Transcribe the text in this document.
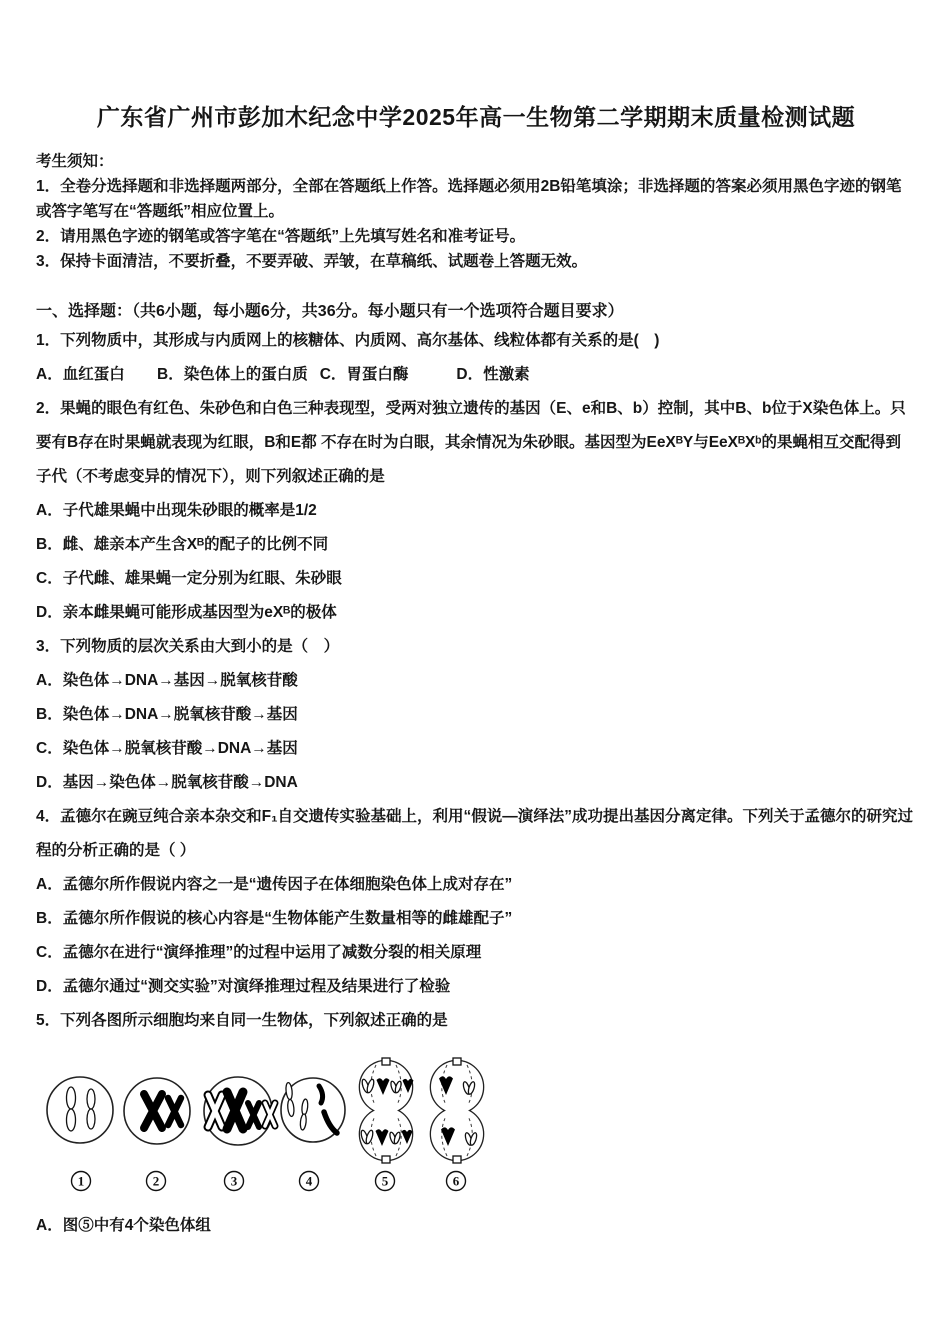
广东省广州市彭加木纪念中学2025年高一生物第二学期期末质量检测试题
考生须知：
1．全卷分选择题和非选择题两部分，全部在答题纸上作答。选择题必须用2B铅笔填涂；非选择题的答案必须用黑色字迹的钢笔或答字笔写在“答题纸”相应位置上。
2．请用黑色字迹的钢笔或答字笔在“答题纸”上先填写姓名和准考证号。
3．保持卡面清洁，不要折叠，不要弄破、弄皱，在草稿纸、试题卷上答题无效。
一、选择题：（共6小题，每小题6分，共36分。每小题只有一个选项符合题目要求）
1．下列物质中，其形成与内质网上的核糖体、内质网、高尔基体、线粒体都有关系的是(　)
A．血红蛋白	B．染色体上的蛋白质 C．胃蛋白酶	D．性激素
2．果蝇的眼色有红色、朱砂色和白色三种表现型，受两对独立遗传的基因（E、e和B、b）控制，其中B、b位于X染色体上。只要有B存在时果蝇就表现为红眼，B和E都 不存在时为白眼，其余情况为朱砂眼。基因型为EeXᴮY与EeXᴮXᵇ的果蝇相互交配得到 子代（不考虑变异的情况下），则下列叙述正确的是
A．子代雄果蝇中出现朱砂眼的概率是1/2
B．雌、雄亲本产生含Xᴮ的配子的比例不同
C．子代雌、雄果蝇一定分别为红眼、朱砂眼
D．亲本雌果蝇可能形成基因型为eXᴮ的极体
3．下列物质的层次关系由大到小的是（　）
A．染色体→DNA→基因→脱氧核苷酸
B．染色体→DNA→脱氧核苷酸→基因
C．染色体→脱氧核苷酸→DNA→基因
D．基因→染色体→脱氧核苷酸→DNA
4．孟德尔在豌豆纯合亲本杂交和F₁自交遗传实验基础上，利用“假说—演绎法”成功提出基因分离定律。下列关于孟德尔的研究过程的分析正确的是（ ）
A．孟德尔所作假说内容之一是“遗传因子在体细胞染色体上成对存在”
B．孟德尔所作假说的核心内容是“生物体能产生数量相等的雌雄配子”
C．孟德尔在进行“演绎推理”的过程中运用了减数分裂的相关原理
D．孟德尔通过“测交实验”对演绎推理过程及结果进行了检验
5．下列各图所示细胞均来自同一生物体，下列叙述正确的是
1	2	3	4	5	6
A．图⑤中有4个染色体组
